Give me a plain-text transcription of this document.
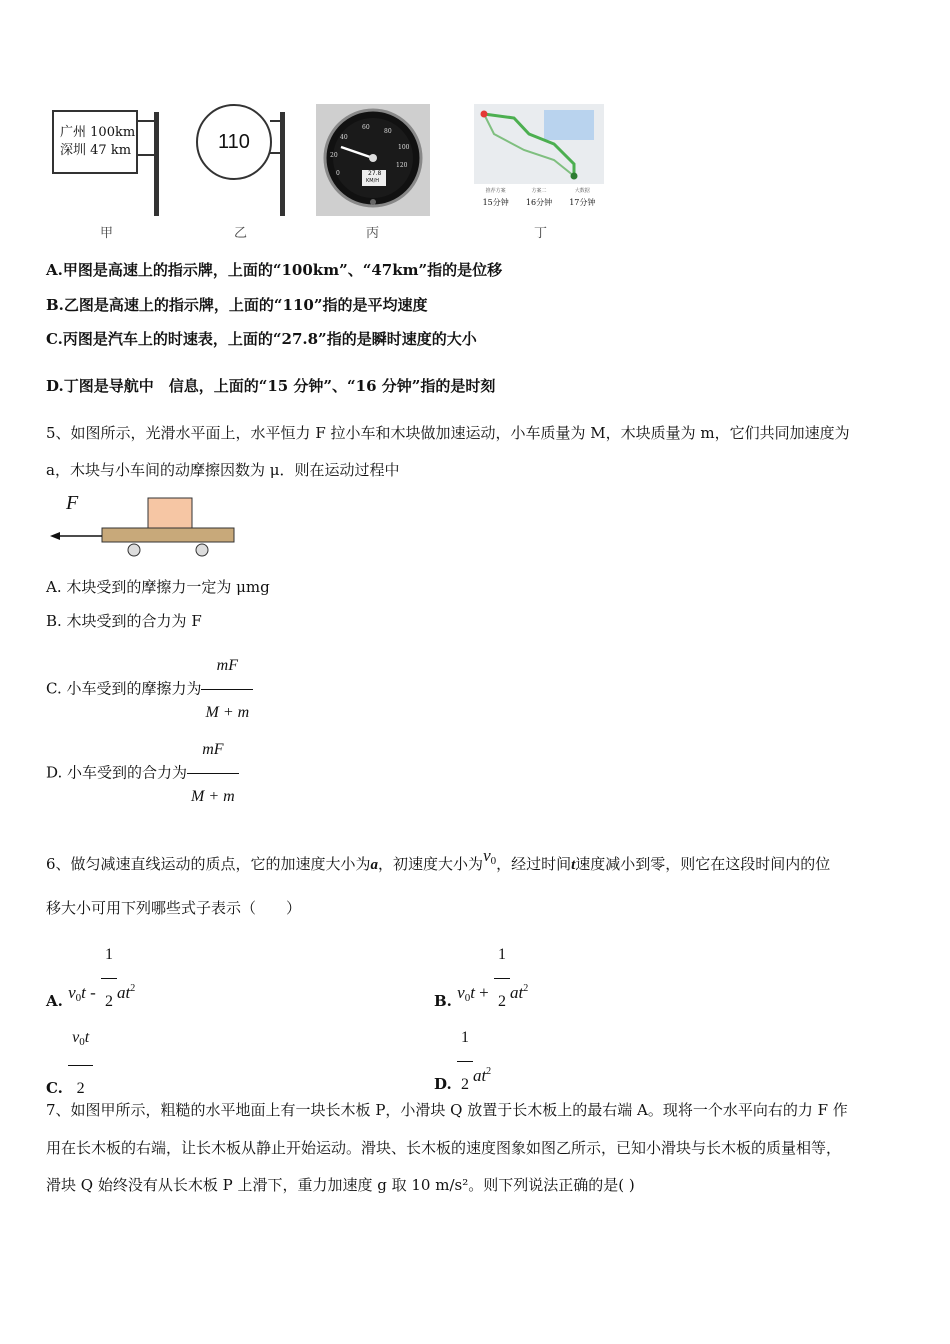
广州 100km
深圳 47 km
甲
110
乙
27.8
KM/H
0
20
40
60
80
100
120
丙
推荐方案
15分钟
方案二
16分钟
大数据
17分钟
丁
A.甲图是高速上的指示牌，上面的“100km”、“47km”指的是位移
B.乙图是高速上的指示牌，上面的“110”指的是平均速度
C.丙图是汽车上的时速表，上面的“27.8”指的是瞬时速度的大小
D.丁图是导航中　信息，上面的“15 分钟”、“16 分钟”指的是时刻
5、如图所示，光滑水平面上，水平恒力 F 拉小车和木块做加速运动，小车质量为 M，木块质量为 m，它们共同加速度为
a，木块与小车间的动摩擦因数为 μ．则在运动过程中
F
A. 木块受到的摩擦力一定为 μmg
B. 木块受到的合力为 F
C. 小车受到的摩擦力为 $\frac{mF}{M + m}$
D. 小车受到的合力为 $\frac{mF}{M + m}$
6、做匀减速直线运动的质点，它的加速度大小为a，初速度大小为$v_0$，经过时间t速度减小到零，则它在这段时间内的位
移大小可用下列哪些式子表示（　　）
A. $v_0t - \frac{1}{2} at^2$
B. $v_0t + \frac{1}{2} at^2$
C. $\frac{v_0t}{2}$	D. $\frac{1}{2} at^2$
7、如图甲所示，粗糙的水平地面上有一块长木板 P，小滑块 Q 放置于长木板上的最右端 A。现将一个水平向右的力 F 作
用在长木板的右端，让长木板从静止开始运动。滑块、长木板的速度图象如图乙所示，已知小滑块与长木板的质量相等，
滑块 Q 始终没有从长木板 P 上滑下，重力加速度 g 取 10 m/s²。则下列说法正确的是( )
